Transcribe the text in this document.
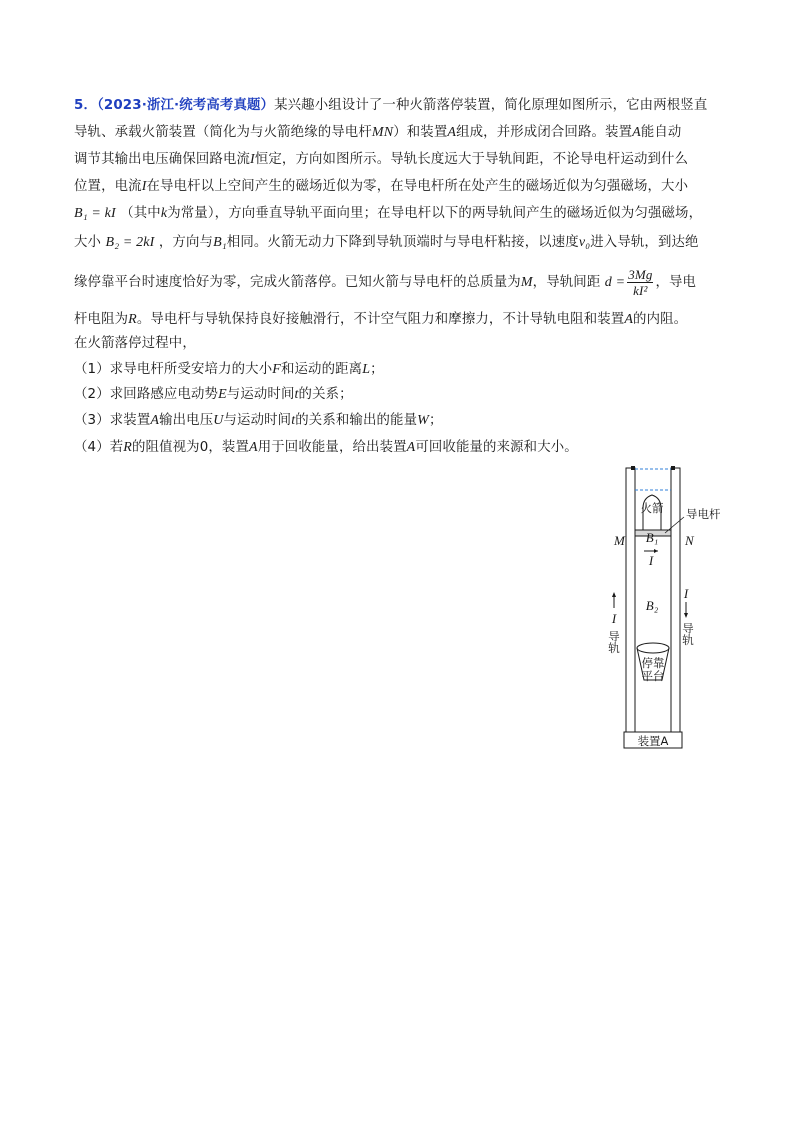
5．（2023·浙江·统考高考真题）某兴趣小组设计了一种火箭落停装置，简化原理如图所示，它由两根竖直
导轨、承载火箭装置（简化为与火箭绝缘的导电杆MN）和装置A组成，并形成闭合回路。装置A能自动
调节其输出电压确保回路电流I恒定，方向如图所示。导轨长度远大于导轨间距，不论导电杆运动到什么
位置，电流I在导电杆以上空间产生的磁场近似为零，在导电杆所在处产生的磁场近似为匀强磁场，大小
B₁ = kI （其中k为常量），方向垂直导轨平面向里；在导电杆以下的两导轨间产生的磁场近似为匀强磁场，
大小 B₂ = 2kI ，方向与B₁相同。火箭无动力下降到导轨顶端时与导电杆粘接，以速度v₀进入导轨，到达绝
缘停靠平台时速度恰好为零，完成火箭落停。已知火箭与导电杆的总质量为M，导轨间距 $d = \frac{3Mg}{\text{kI²}}$ ，导电
杆电阻为R。导电杆与导轨保持良好接触滑行，不计空气阻力和摩擦力，不计导轨电阻和装置A的内阻。
在火箭落停过程中，
（1）求导电杆所受安培力的大小F和运动的距离L；
（2）求回路感应电动势E与运动时间t的关系；
（3）求装置A输出电压U与运动时间t的关系和输出的能量W；
（4）若R的阻值视为0，装置A用于回收能量，给出装置A可回收能量的来源和大小。
火箭 导电杆
B₁
M	N
I
B₂
I
导轨
I
导轨
停靠
平台
装置A
